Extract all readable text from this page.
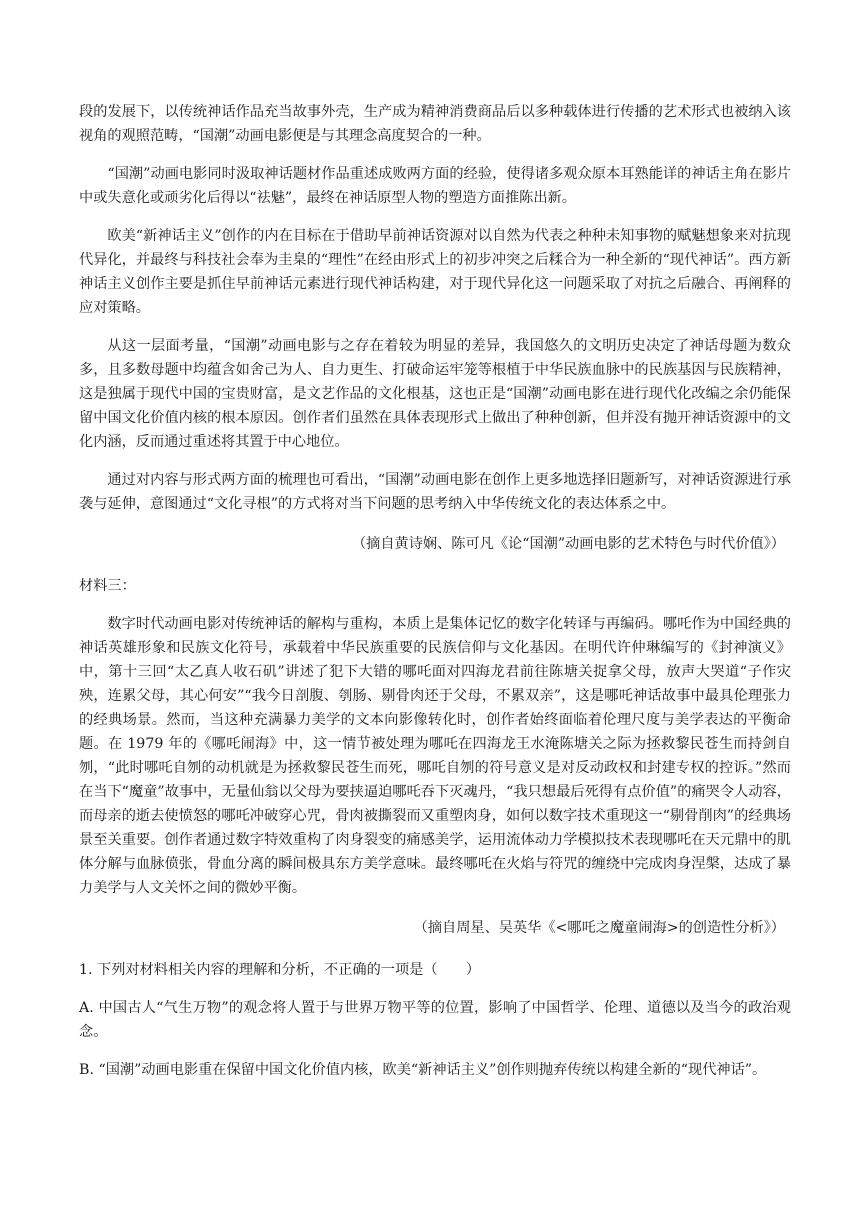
段的发展下，以传统神话作品充当故事外壳，生产成为精神消费商品后以多种载体进行传播的艺术形式也被纳入该视角的观照范畴，“国潮”动画电影便是与其理念高度契合的一种。

“国潮”动画电影同时汲取神话题材作品重述成败两方面的经验，使得诸多观众原本耳熟能详的神话主角在影片中或失意化或顽劣化后得以“祛魅”，最终在神话原型人物的塑造方面推陈出新。

欧美“新神话主义”创作的内在目标在于借助早前神话资源对以自然为代表之种种未知事物的赋魅想象来对抗现代异化，并最终与科技社会奉为圭臬的“理性”在经由形式上的初步冲突之后糅合为一种全新的“现代神话”。西方新神话主义创作主要是抓住早前神话元素进行现代神话构建，对于现代异化这一问题采取了对抗之后融合、再阐释的应对策略。

从这一层面考量，“国潮”动画电影与之存在着较为明显的差异，我国悠久的文明历史决定了神话母题为数众多，且多数母题中均蕴含如舍己为人、自力更生、打破命运牢笼等根植于中华民族血脉中的民族基因与民族精神，这是独属于现代中国的宝贵财富，是文艺作品的文化根基，这也正是“国潮”动画电影在进行现代化改编之余仍能保留中国文化价值内核的根本原因。创作者们虽然在具体表现形式上做出了种种创新，但并没有抛开神话资源中的文化内涵，反而通过重述将其置于中心地位。

通过对内容与形式两方面的梳理也可看出，“国潮”动画电影在创作上更多地选择旧题新写，对神话资源进行承袭与延伸，意图通过“文化寻根”的方式将对当下问题的思考纳入中华传统文化的表达体系之中。

（摘自黄诗娴、陈可凡《论“国潮”动画电影的艺术特色与时代价值》）

材料三：

数字时代动画电影对传统神话的解构与重构，本质上是集体记忆的数字化转译与再编码。哪吒作为中国经典的神话英雄形象和民族文化符号，承载着中华民族重要的民族信仰与文化基因。在明代许仲琳编写的《封神演义》中，第十三回“太乙真人收石矶”讲述了犯下大错的哪吒面对四海龙君前往陈塘关捉拿父母，放声大哭道“子作灾殃，连累父母，其心何安”“我今日剖腹、刳肠、剔骨肉还于父母，不累双亲”，这是哪吒神话故事中最具伦理张力的经典场景。然而，当这种充满暴力美学的文本向影像转化时，创作者始终面临着伦理尺度与美学表达的平衡命题。在 1979 年的《哪吒闹海》中，这一情节被处理为哪吒在四海龙王水淹陈塘关之际为拯救黎民苍生而持剑自刎，“此时哪吒自刎的动机就是为拯救黎民苍生而死，哪吒自刎的符号意义是对反动政权和封建专权的控诉。”然而在当下“魔童”故事中，无量仙翁以父母为要挟逼迫哪吒吞下灭魂丹，“我只想最后死得有点价值”的痛哭令人动容，而母亲的逝去使愤怒的哪吒冲破穿心咒，骨肉被撕裂而又重塑肉身，如何以数字技术重现这一“剔骨削肉”的经典场景至关重要。创作者通过数字特效重构了肉身裂变的痛感美学，运用流体动力学模拟技术表现哪吒在天元鼎中的肌体分解与血脉偾张，骨血分离的瞬间极具东方美学意味。最终哪吒在火焰与符咒的缠绕中完成肉身涅槃，达成了暴力美学与人文关怀之间的微妙平衡。

（摘自周星、吴英华《<哪吒之魔童闹海>的创造性分析》）

1. 下列对材料相关内容的理解和分析，不正确的一项是（　　）

A. 中国古人“气生万物”的观念将人置于与世界万物平等的位置，影响了中国哲学、伦理、道德以及当今的政治观念。

B. “国潮”动画电影重在保留中国文化价值内核，欧美“新神话主义”创作则抛弃传统以构建全新的“现代神话”。
